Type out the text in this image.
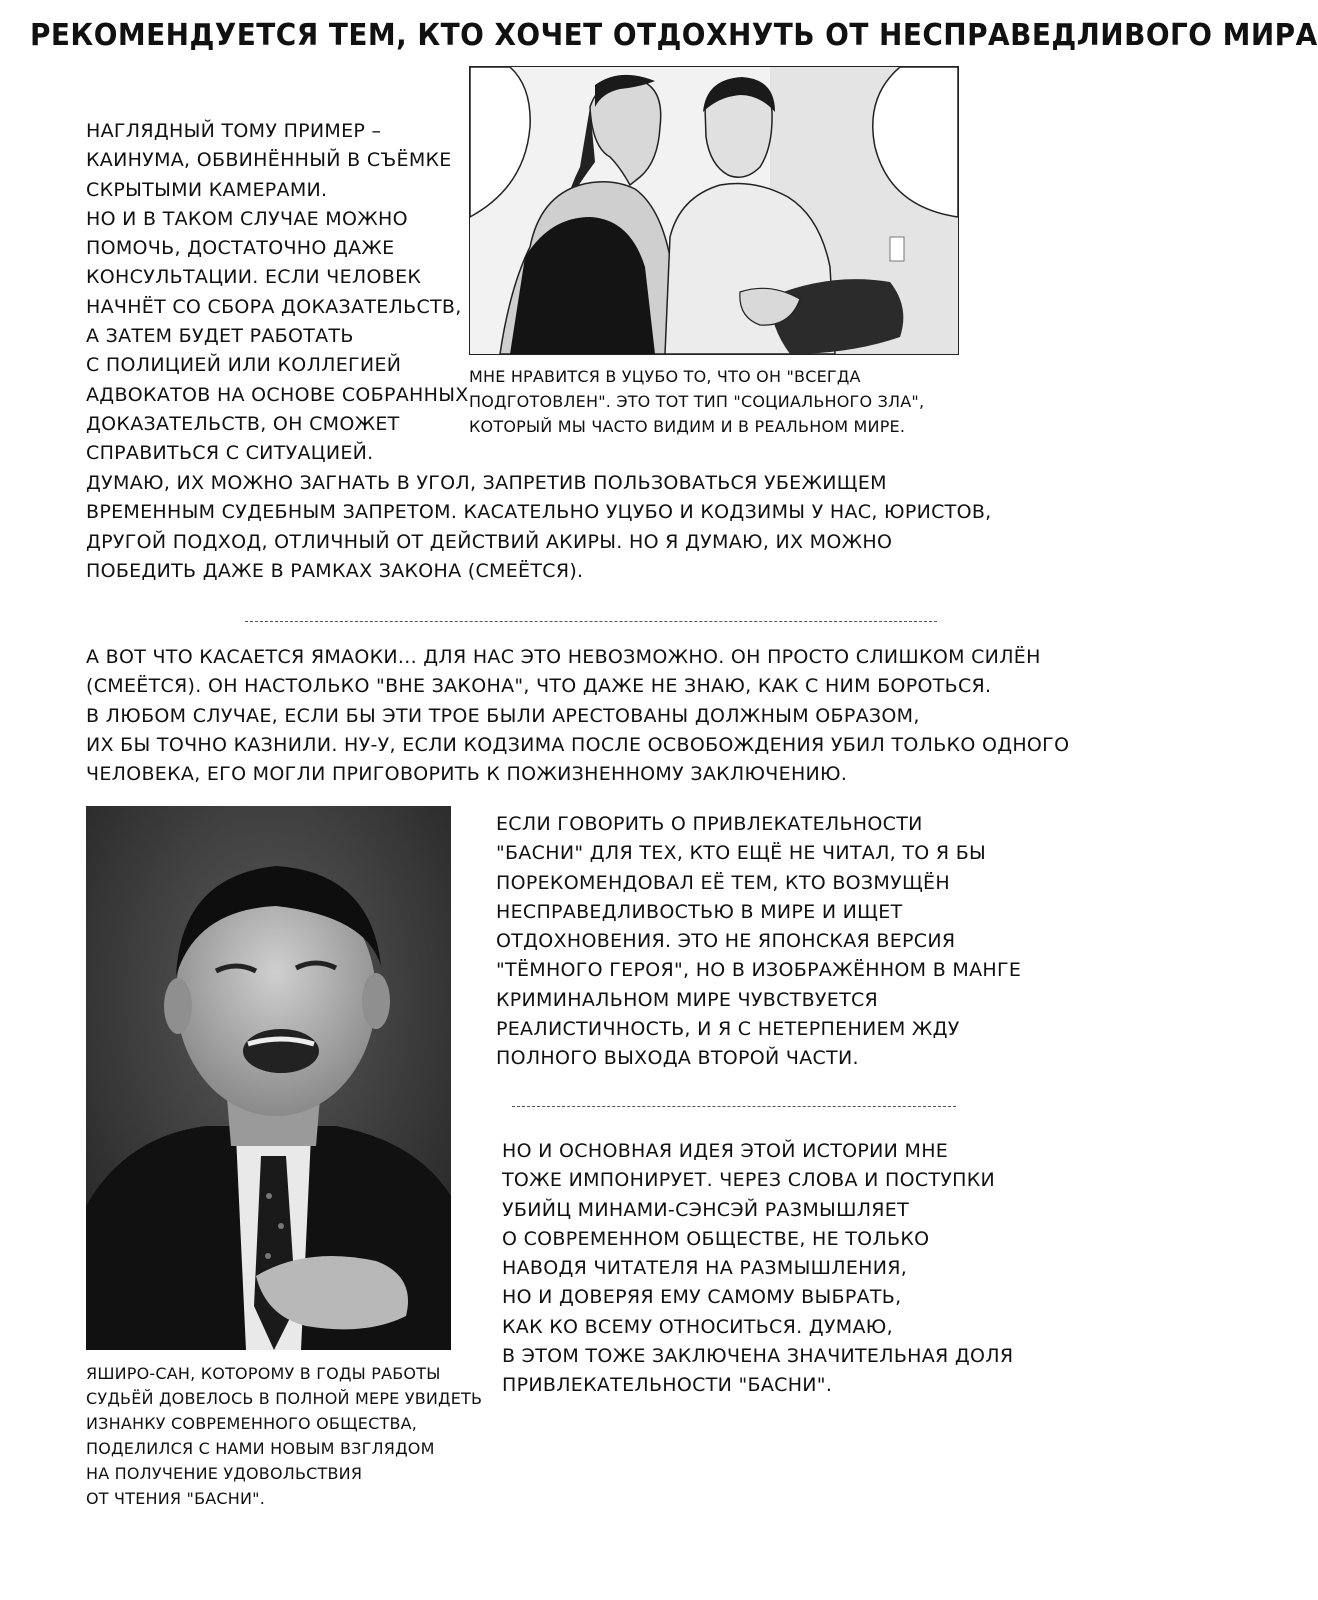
РЕКОМЕНДУЕТСЯ ТЕМ, КТО ХОЧЕТ ОТДОХНУТЬ ОТ НЕСПРАВЕДЛИВОГО МИРА
НАГЛЯДНЫЙ ТОМУ ПРИМЕР –
КАИНУМА, ОБВИНЁННЫЙ В СЪЁМКЕ
СКРЫТЫМИ КАМЕРАМИ.
НО И В ТАКОМ СЛУЧАЕ МОЖНО
ПОМОЧЬ, ДОСТАТОЧНО ДАЖЕ
КОНСУЛЬТАЦИИ. ЕСЛИ ЧЕЛОВЕК
НАЧНЁТ СО СБОРА ДОКАЗАТЕЛЬСТВ,
А ЗАТЕМ БУДЕТ РАБОТАТЬ
С ПОЛИЦИЕЙ ИЛИ КОЛЛЕГИЕЙ
АДВОКАТОВ НА ОСНОВЕ СОБРАННЫХ
ДОКАЗАТЕЛЬСТВ, ОН СМОЖЕТ
СПРАВИТЬСЯ С СИТУАЦИЕЙ.
МНЕ НРАВИТСЯ В УЦУБО ТО, ЧТО ОН "ВСЕГДА
ПОДГОТОВЛЕН". ЭТО ТОТ ТИП "СОЦИАЛЬНОГО ЗЛА",
КОТОРЫЙ МЫ ЧАСТО ВИДИМ И В РЕАЛЬНОМ МИРЕ.
ДУМАЮ, ИХ МОЖНО ЗАГНАТЬ В УГОЛ, ЗАПРЕТИВ ПОЛЬЗОВАТЬСЯ УБЕЖИЩЕМ
ВРЕМЕННЫМ СУДЕБНЫМ ЗАПРЕТОМ. КАСАТЕЛЬНО УЦУБО И КОДЗИМЫ У НАС, ЮРИСТОВ,
ДРУГОЙ ПОДХОД, ОТЛИЧНЫЙ ОТ ДЕЙСТВИЙ АКИРЫ. НО Я ДУМАЮ, ИХ МОЖНО
ПОБЕДИТЬ ДАЖЕ В РАМКАХ ЗАКОНА (СМЕЁТСЯ).
А ВОТ ЧТО КАСАЕТСЯ ЯМАОКИ... ДЛЯ НАС ЭТО НЕВОЗМОЖНО. ОН ПРОСТО СЛИШКОМ СИЛЁН
(СМЕЁТСЯ). ОН НАСТОЛЬКО "ВНЕ ЗАКОНА", ЧТО ДАЖЕ НЕ ЗНАЮ, КАК С НИМ БОРОТЬСЯ.
В ЛЮБОМ СЛУЧАЕ, ЕСЛИ БЫ ЭТИ ТРОЕ БЫЛИ АРЕСТОВАНЫ ДОЛЖНЫМ ОБРАЗОМ,
ИХ БЫ ТОЧНО КАЗНИЛИ. НУ-У, ЕСЛИ КОДЗИМА ПОСЛЕ ОСВОБОЖДЕНИЯ УБИЛ ТОЛЬКО ОДНОГО
ЧЕЛОВЕКА, ЕГО МОГЛИ ПРИГОВОРИТЬ К ПОЖИЗНЕННОМУ ЗАКЛЮЧЕНИЮ.
ЯШИРО-САН, КОТОРОМУ В ГОДЫ РАБОТЫ
СУДЬЁЙ ДОВЕЛОСЬ В ПОЛНОЙ МЕРЕ УВИДЕТЬ
ИЗНАНКУ СОВРЕМЕННОГО ОБЩЕСТВА,
ПОДЕЛИЛСЯ С НАМИ НОВЫМ ВЗГЛЯДОМ
НА ПОЛУЧЕНИЕ УДОВОЛЬСТВИЯ
ОТ ЧТЕНИЯ "БАСНИ".
ЕСЛИ ГОВОРИТЬ О ПРИВЛЕКАТЕЛЬНОСТИ
"БАСНИ" ДЛЯ ТЕХ, КТО ЕЩЁ НЕ ЧИТАЛ, ТО Я БЫ
ПОРЕКОМЕНДОВАЛ ЕЁ ТЕМ, КТО ВОЗМУЩЁН
НЕСПРАВЕДЛИВОСТЬЮ В МИРЕ И ИЩЕТ
ОТДОХНОВЕНИЯ. ЭТО НЕ ЯПОНСКАЯ ВЕРСИЯ
"ТЁМНОГО ГЕРОЯ", НО В ИЗОБРАЖЁННОМ В МАНГЕ
КРИМИНАЛЬНОМ МИРЕ ЧУВСТВУЕТСЯ
РЕАЛИСТИЧНОСТЬ, И Я С НЕТЕРПЕНИЕМ ЖДУ
ПОЛНОГО ВЫХОДА ВТОРОЙ ЧАСТИ.
НО И ОСНОВНАЯ ИДЕЯ ЭТОЙ ИСТОРИИ МНЕ
ТОЖЕ ИМПОНИРУЕТ. ЧЕРЕЗ СЛОВА И ПОСТУПКИ
УБИЙЦ МИНАМИ-СЭНСЭЙ РАЗМЫШЛЯЕТ
О СОВРЕМЕННОМ ОБЩЕСТВЕ, НЕ ТОЛЬКО
НАВОДЯ ЧИТАТЕЛЯ НА РАЗМЫШЛЕНИЯ,
НО И ДОВЕРЯЯ ЕМУ САМОМУ ВЫБРАТЬ,
КАК КО ВСЕМУ ОТНОСИТЬСЯ. ДУМАЮ,
В ЭТОМ ТОЖЕ ЗАКЛЮЧЕНА ЗНАЧИТЕЛЬНАЯ ДОЛЯ
ПРИВЛЕКАТЕЛЬНОСТИ "БАСНИ".
